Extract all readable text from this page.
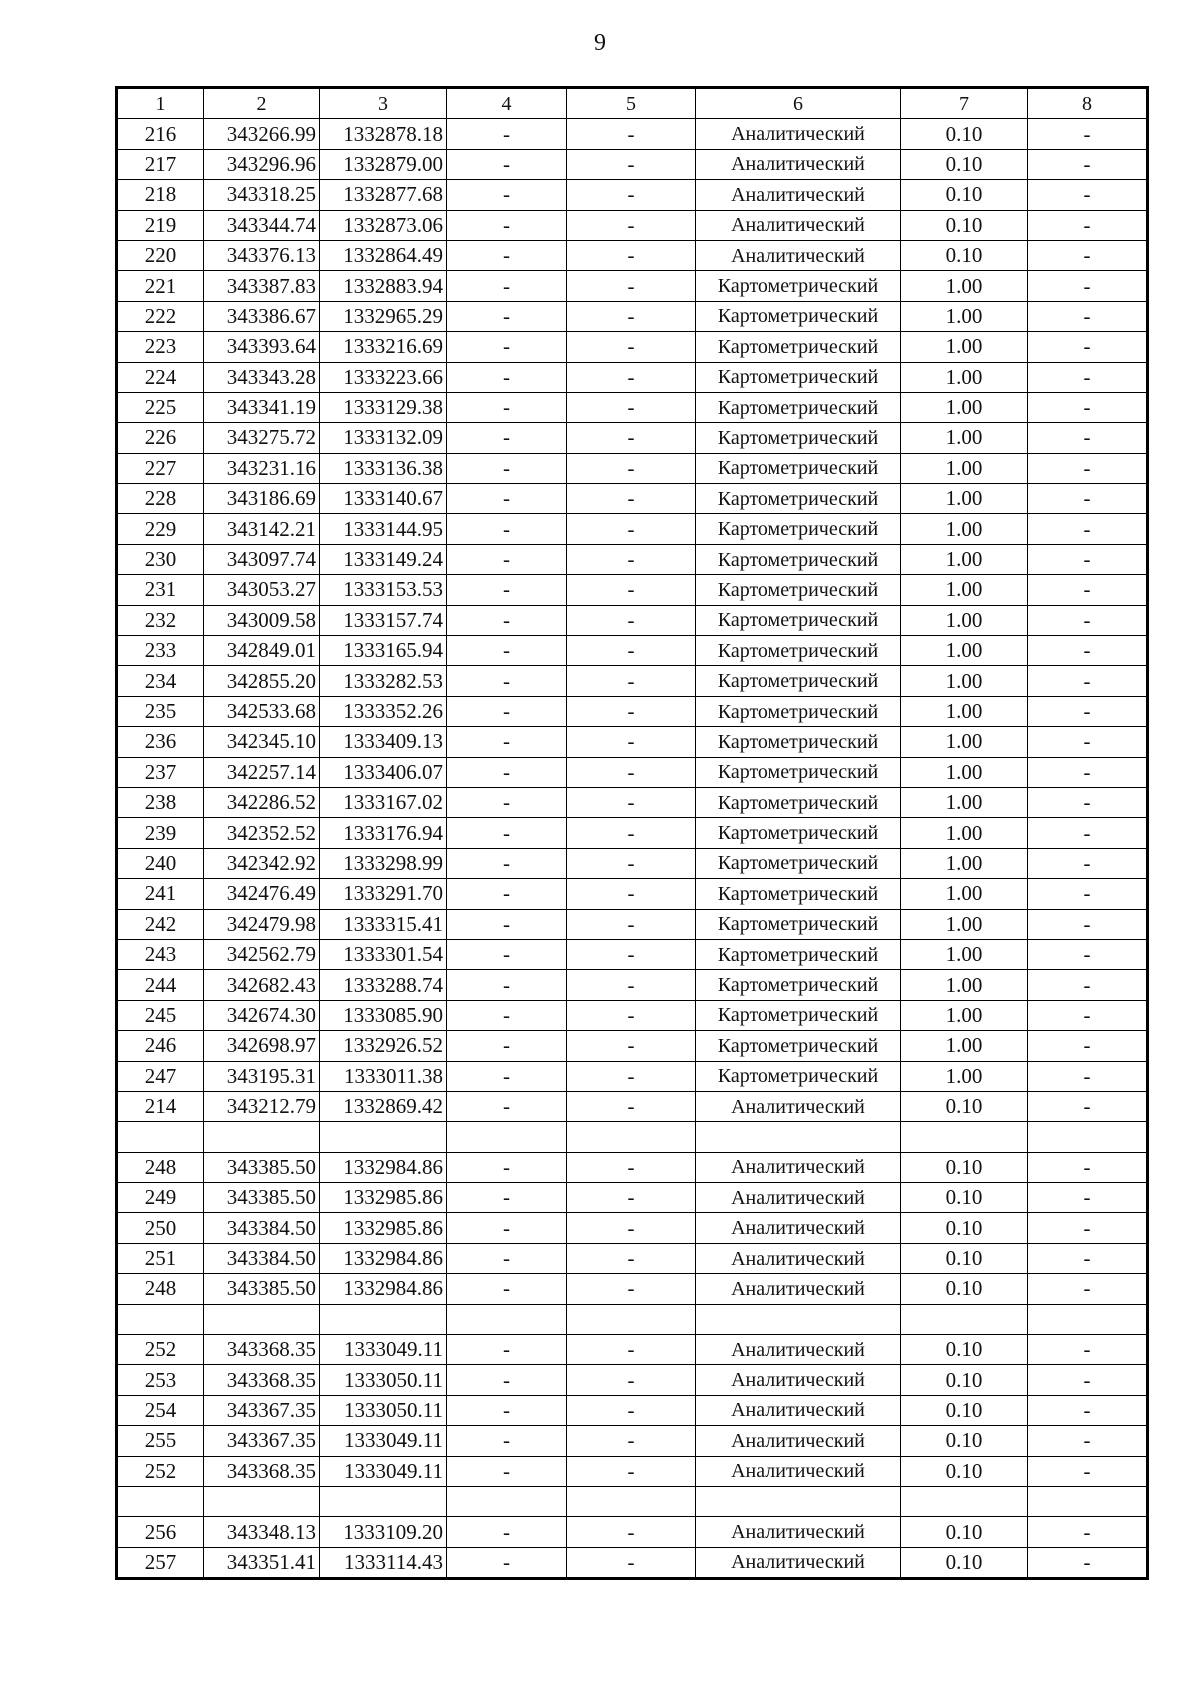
9
1	2	3	4	5	6	7	8
216	343266.99	1332878.18	-	-	Аналитический	0.10	-
217	343296.96	1332879.00	-	-	Аналитический	0.10	-
218	343318.25	1332877.68	-	-	Аналитический	0.10	-
219	343344.74	1332873.06	-	-	Аналитический	0.10	-
220	343376.13	1332864.49	-	-	Аналитический	0.10	-
221	343387.83	1332883.94	-	-	Картометрический	1.00	-
222	343386.67	1332965.29	-	-	Картометрический	1.00	-
223	343393.64	1333216.69	-	-	Картометрический	1.00	-
224	343343.28	1333223.66	-	-	Картометрический	1.00	-
225	343341.19	1333129.38	-	-	Картометрический	1.00	-
226	343275.72	1333132.09	-	-	Картометрический	1.00	-
227	343231.16	1333136.38	-	-	Картометрический	1.00	-
228	343186.69	1333140.67	-	-	Картометрический	1.00	-
229	343142.21	1333144.95	-	-	Картометрический	1.00	-
230	343097.74	1333149.24	-	-	Картометрический	1.00	-
231	343053.27	1333153.53	-	-	Картометрический	1.00	-
232	343009.58	1333157.74	-	-	Картометрический	1.00	-
233	342849.01	1333165.94	-	-	Картометрический	1.00	-
234	342855.20	1333282.53	-	-	Картометрический	1.00	-
235	342533.68	1333352.26	-	-	Картометрический	1.00	-
236	342345.10	1333409.13	-	-	Картометрический	1.00	-
237	342257.14	1333406.07	-	-	Картометрический	1.00	-
238	342286.52	1333167.02	-	-	Картометрический	1.00	-
239	342352.52	1333176.94	-	-	Картометрический	1.00	-
240	342342.92	1333298.99	-	-	Картометрический	1.00	-
241	342476.49	1333291.70	-	-	Картометрический	1.00	-
242	342479.98	1333315.41	-	-	Картометрический	1.00	-
243	342562.79	1333301.54	-	-	Картометрический	1.00	-
244	342682.43	1333288.74	-	-	Картометрический	1.00	-
245	342674.30	1333085.90	-	-	Картометрический	1.00	-
246	342698.97	1332926.52	-	-	Картометрический	1.00	-
247	343195.31	1333011.38	-	-	Картометрический	1.00	-
214	343212.79	1332869.42	-	-	Аналитический	0.10	-

248	343385.50	1332984.86	-	-	Аналитический	0.10	-
249	343385.50	1332985.86	-	-	Аналитический	0.10	-
250	343384.50	1332985.86	-	-	Аналитический	0.10	-
251	343384.50	1332984.86	-	-	Аналитический	0.10	-
248	343385.50	1332984.86	-	-	Аналитический	0.10	-

252	343368.35	1333049.11	-	-	Аналитический	0.10	-
253	343368.35	1333050.11	-	-	Аналитический	0.10	-
254	343367.35	1333050.11	-	-	Аналитический	0.10	-
255	343367.35	1333049.11	-	-	Аналитический	0.10	-
252	343368.35	1333049.11	-	-	Аналитический	0.10	-

256	343348.13	1333109.20	-	-	Аналитический	0.10	-
257	343351.41	1333114.43	-	-	Аналитический	0.10	-
